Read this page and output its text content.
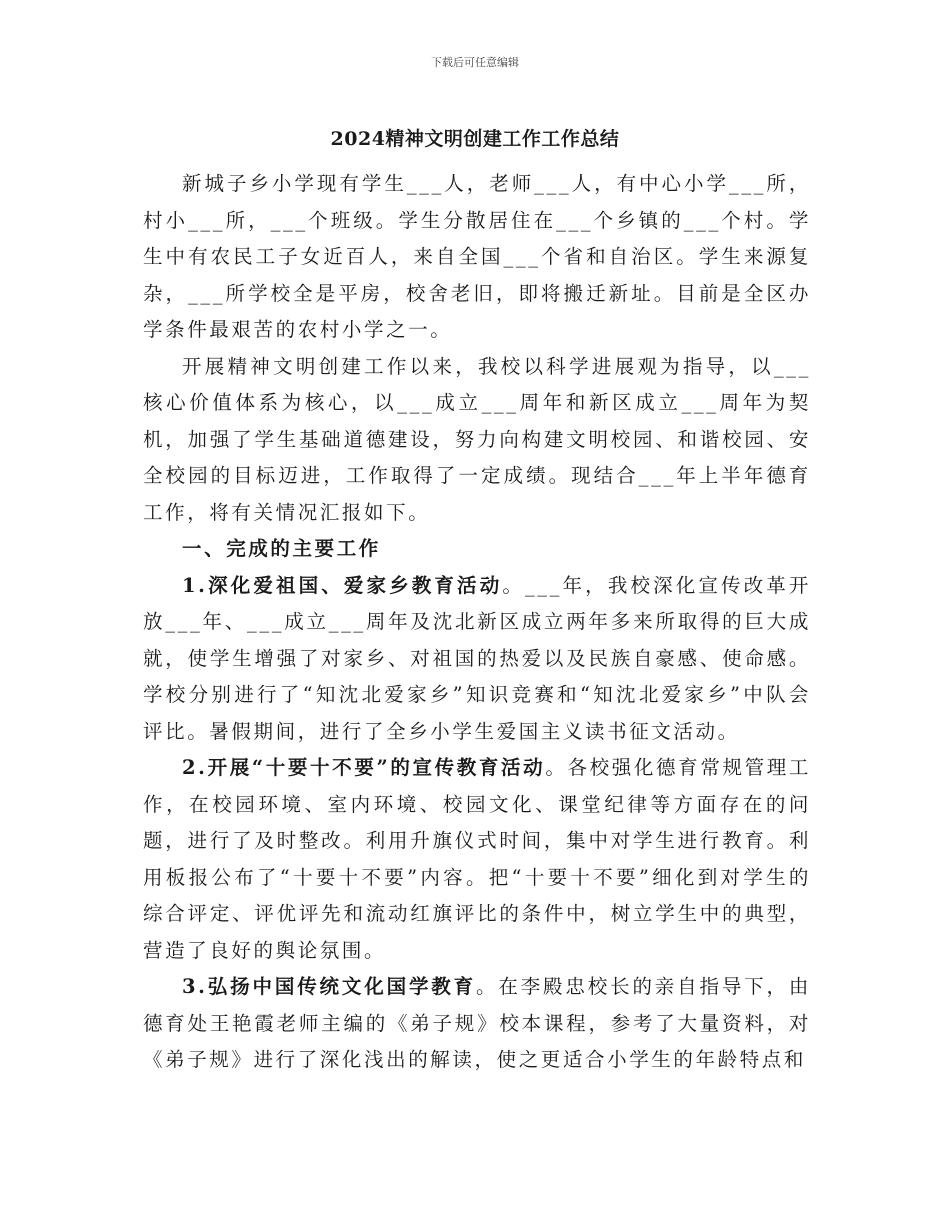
下载后可任意编辑
2024精神文明创建工作工作总结

新城子乡小学现有学生___人，老师___人，有中心小学___所，村小___所，___个班级。学生分散居住在___个乡镇的___个村。学生中有农民工子女近百人，来自全国___个省和自治区。学生来源复杂，___所学校全是平房，校舍老旧，即将搬迁新址。目前是全区办学条件最艰苦的农村小学之一。

开展精神文明创建工作以来，我校以科学进展观为指导，以___核心价值体系为核心，以___成立___周年和新区成立___周年为契机，加强了学生基础道德建设，努力向构建文明校园、和谐校园、安全校园的目标迈进，工作取得了一定成绩。现结合___年上半年德育工作，将有关情况汇报如下。

一、完成的主要工作

1.深化爱祖国、爱家乡教育活动。___年，我校深化宣传改革开放___年、___成立___周年及沈北新区成立两年多来所取得的巨大成就，使学生增强了对家乡、对祖国的热爱以及民族自豪感、使命感。学校分别进行了“知沈北爱家乡”知识竞赛和“知沈北爱家乡”中队会评比。暑假期间，进行了全乡小学生爱国主义读书征文活动。

2.开展“十要十不要”的宣传教育活动。各校强化德育常规管理工作，在校园环境、室内环境、校园文化、课堂纪律等方面存在的问题，进行了及时整改。利用升旗仪式时间，集中对学生进行教育。利用板报公布了“十要十不要”内容。把“十要十不要”细化到对学生的综合评定、评优评先和流动红旗评比的条件中，树立学生中的典型，营造了良好的舆论氛围。

3.弘扬中国传统文化国学教育。在李殿忠校长的亲自指导下，由德育处王艳霞老师主编的《弟子规》校本课程，参考了大量资料，对《弟子规》进行了深化浅出的解读，使之更适合小学生的年龄特点和
